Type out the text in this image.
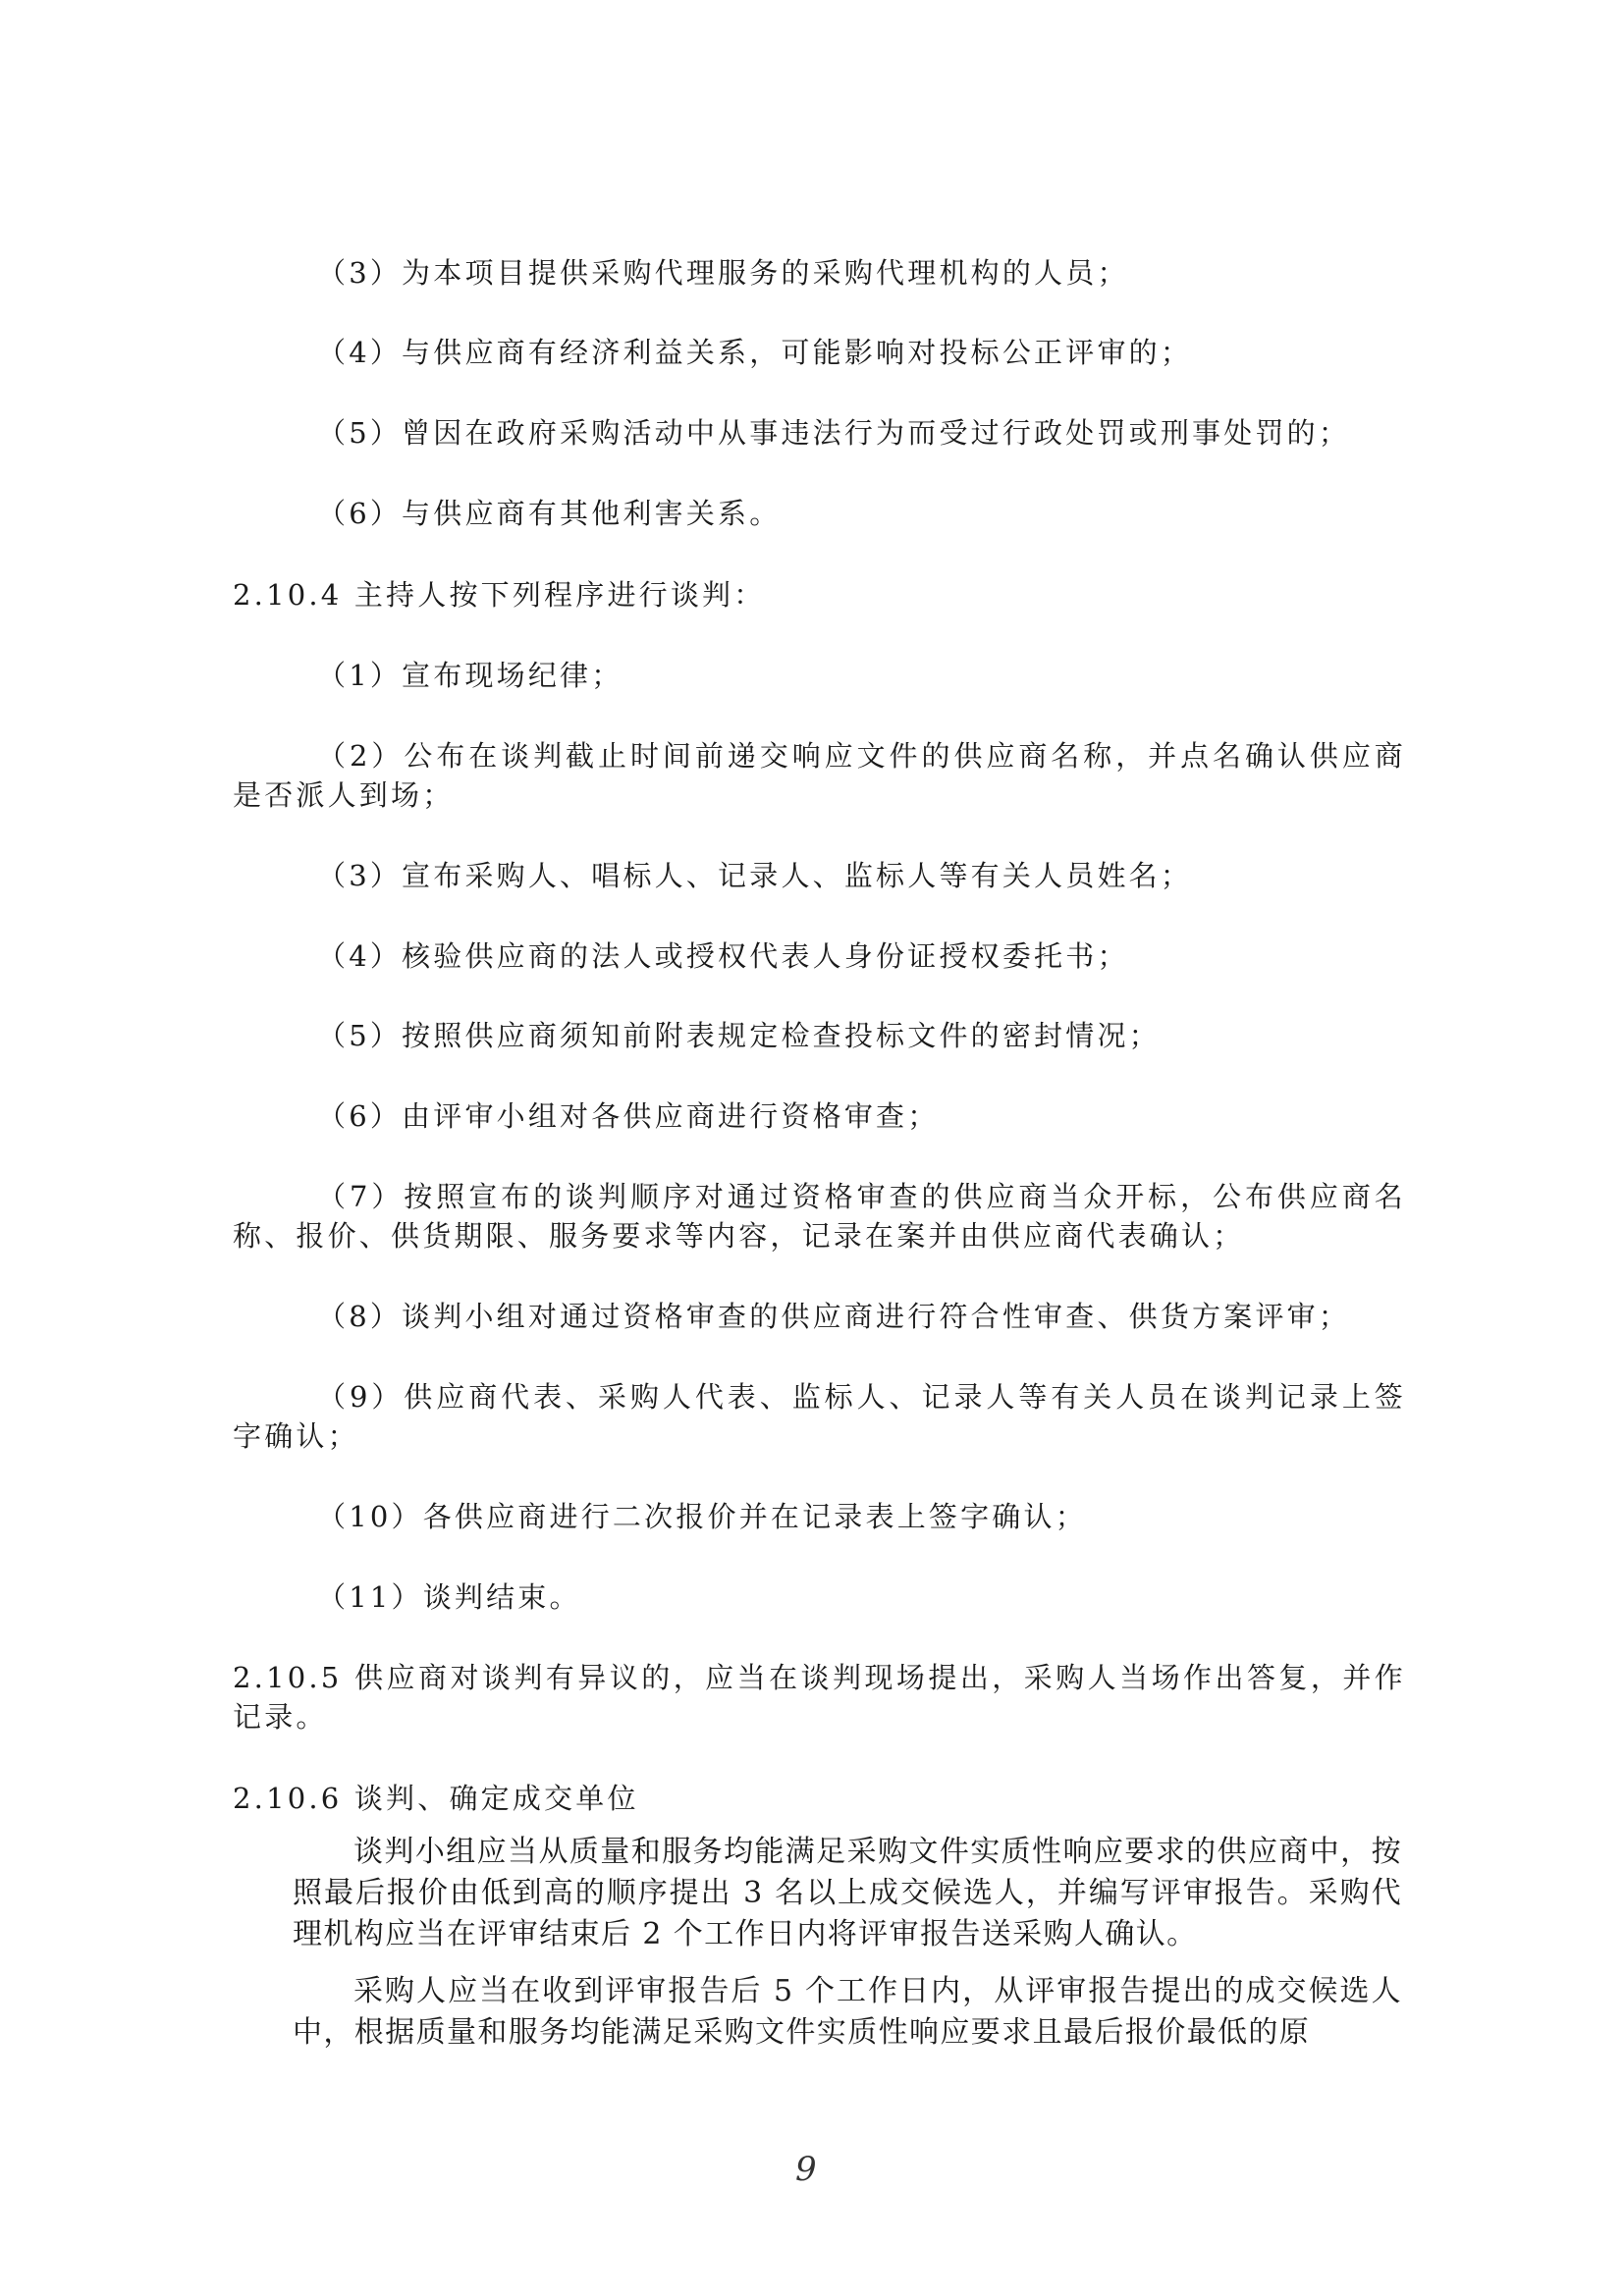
（3）为本项目提供采购代理服务的采购代理机构的人员；
（4）与供应商有经济利益关系，可能影响对投标公正评审的；
（5）曾因在政府采购活动中从事违法行为而受过行政处罚或刑事处罚的；
（6）与供应商有其他利害关系。
2.10.4 主持人按下列程序进行谈判：
（1）宣布现场纪律；
（2）公布在谈判截止时间前递交响应文件的供应商名称，并点名确认供应商是否派人到场；
（3）宣布采购人、唱标人、记录人、监标人等有关人员姓名；
（4）核验供应商的法人或授权代表人身份证授权委托书；
（5）按照供应商须知前附表规定检查投标文件的密封情况；
（6）由评审小组对各供应商进行资格审查；
（7）按照宣布的谈判顺序对通过资格审查的供应商当众开标，公布供应商名称、报价、供货期限、服务要求等内容，记录在案并由供应商代表确认；
（8）谈判小组对通过资格审查的供应商进行符合性审查、供货方案评审；
（9）供应商代表、采购人代表、监标人、记录人等有关人员在谈判记录上签字确认；
（10）各供应商进行二次报价并在记录表上签字确认；
（11）谈判结束。
2.10.5 供应商对谈判有异议的，应当在谈判现场提出，采购人当场作出答复，并作记录。
2.10.6 谈判、确定成交单位
谈判小组应当从质量和服务均能满足采购文件实质性响应要求的供应商中，按照最后报价由低到高的顺序提出 3 名以上成交候选人，并编写评审报告。采购代理机构应当在评审结束后 2 个工作日内将评审报告送采购人确认。
采购人应当在收到评审报告后 5 个工作日内，从评审报告提出的成交候选人中，根据质量和服务均能满足采购文件实质性响应要求且最后报价最低的原
9
